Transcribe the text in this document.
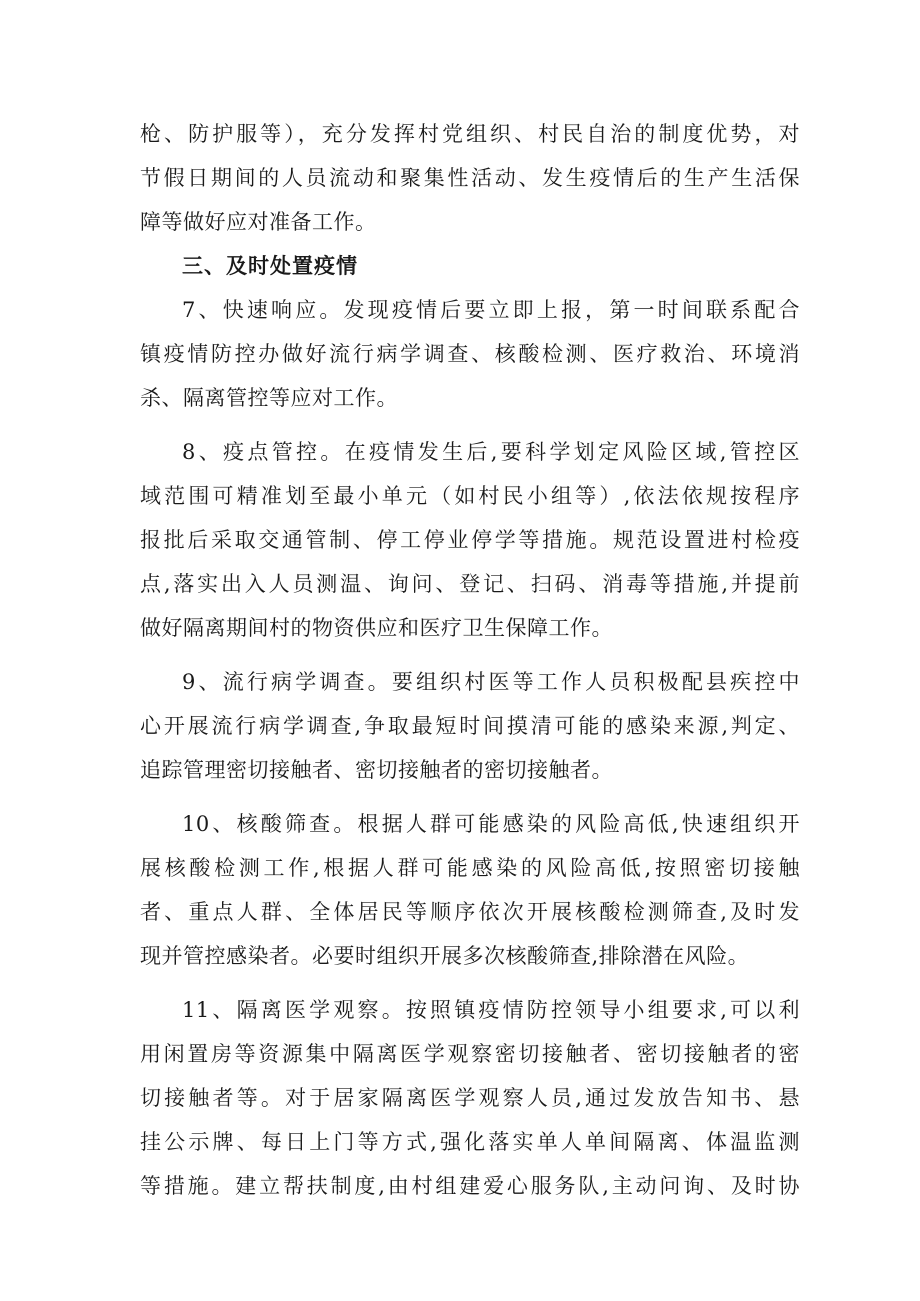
枪、防护服等），充分发挥村党组织、村民自治的制度优势，对
节假日期间的人员流动和聚集性活动、发生疫情后的生产生活保
障等做好应对准备工作。
三、及时处置疫情
7、快速响应。发现疫情后要立即上报，第一时间联系配合
镇疫情防控办做好流行病学调查、核酸检测、医疗救治、环境消
杀、隔离管控等应对工作。
8、疫点管控。在疫情发生后,要科学划定风险区域,管控区
域范围可精准划至最小单元（如村民小组等）,依法依规按程序
报批后采取交通管制、停工停业停学等措施。规范设置进村检疫
点,落实出入人员测温、询问、登记、扫码、消毒等措施,并提前
做好隔离期间村的物资供应和医疗卫生保障工作。
9、流行病学调查。要组织村医等工作人员积极配县疾控中
心开展流行病学调查,争取最短时间摸清可能的感染来源,判定、
追踪管理密切接触者、密切接触者的密切接触者。
10、核酸筛查。根据人群可能感染的风险高低,快速组织开
展核酸检测工作,根据人群可能感染的风险高低,按照密切接触
者、重点人群、全体居民等顺序依次开展核酸检测筛查,及时发
现并管控感染者。必要时组织开展多次核酸筛查,排除潜在风险。
11、隔离医学观察。按照镇疫情防控领导小组要求,可以利
用闲置房等资源集中隔离医学观察密切接触者、密切接触者的密
切接触者等。对于居家隔离医学观察人员,通过发放告知书、悬
挂公示牌、每日上门等方式,强化落实单人单间隔离、体温监测
等措施。建立帮扶制度,由村组建爱心服务队,主动问询、及时协
